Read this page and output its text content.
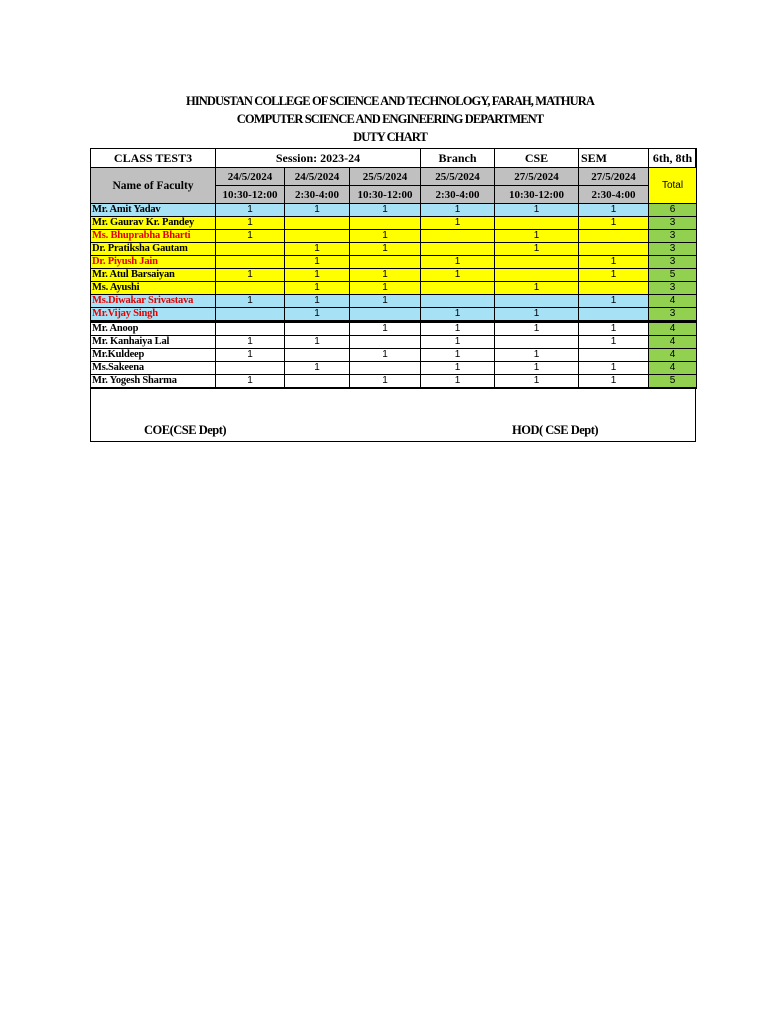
HINDUSTAN COLLEGE OF SCIENCE AND TECHNOLOGY, FARAH, MATHURA
COMPUTER SCIENCE AND ENGINEERING DEPARTMENT
DUTY CHART
CLASS TEST3	Session: 2023-24			Branch	CSE	SEM	6th, 8th
Name of Faculty	24/5/2024	24/5/2024	25/5/2024	25/5/2024	27/5/2024	27/5/2024	Total
	10:30-12:00	2:30-4:00	10:30-12:00	2:30-4:00	10:30-12:00	2:30-4:00	
Mr. Amit Yadav	1	1	1	1	1	1	6
Mr. Gaurav Kr. Pandey	1			1		1	3
Ms. Bhuprabha Bharti	1		1		1		3
Dr. Pratiksha Gautam		1	1		1		3
Dr. Piyush Jain		1		1		1	3
Mr. Atul Barsaiyan	1	1	1	1		1	5
Ms. Ayushi		1	1		1		3
Ms.Diwakar Srivastava	1	1	1			1	4
Mr.Vijay Singh		1		1	1		3
Mr. Anoop			1	1	1	1	4
Mr. Kanhaiya Lal	1	1		1		1	4
Mr.Kuldeep	1		1	1	1		4
Ms.Sakeena		1		1	1	1	4
Mr. Yogesh Sharma	1		1	1	1	1	5
COE(CSE Dept)	HOD( CSE Dept)
